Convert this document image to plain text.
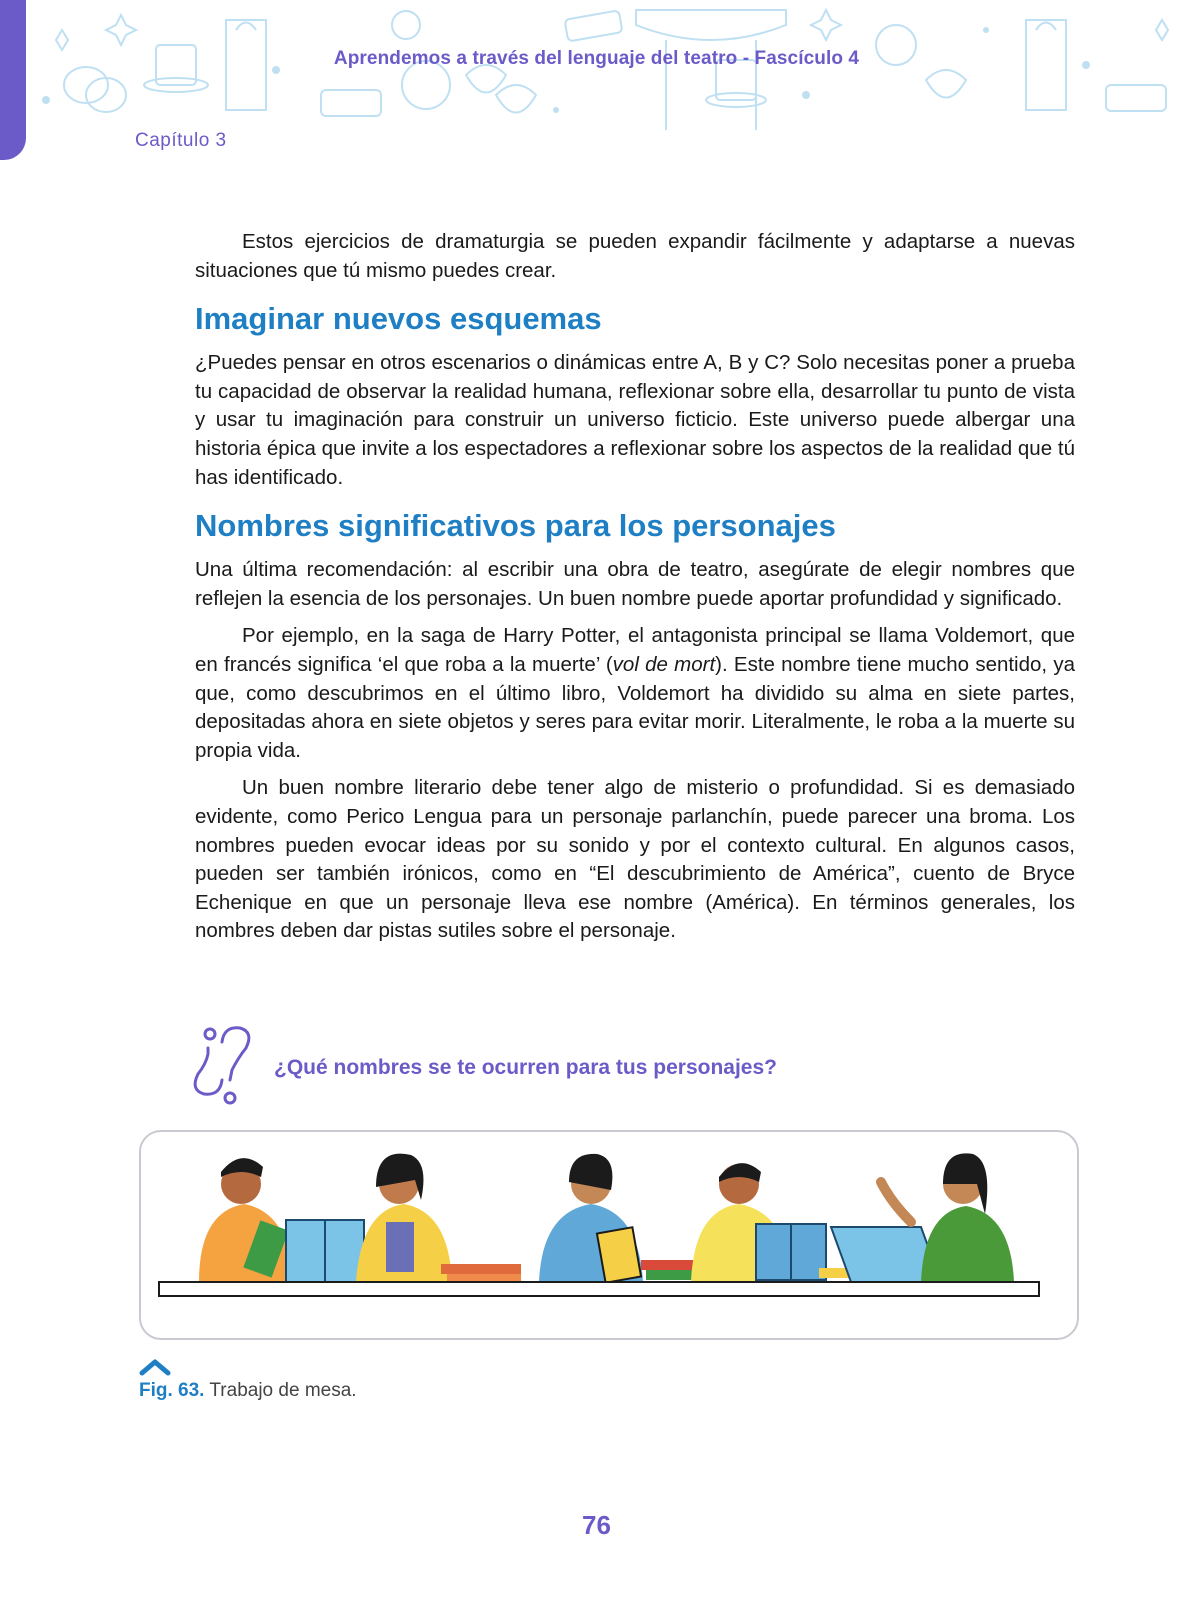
Aprendemos a través del lenguaje del teatro - Fascículo 4
Capítulo 3

Estos ejercicios de dramaturgia se pueden expandir fácilmente y adaptarse a nuevas situaciones que tú mismo puedes crear.

Imaginar nuevos esquemas

¿Puedes pensar en otros escenarios o dinámicas entre A, B y C? Solo necesitas poner a prueba tu capacidad de observar la realidad humana, reflexionar sobre ella, desarrollar tu punto de vista y usar tu imaginación para construir un universo ficticio. Este universo puede albergar una historia épica que invite a los espectadores a reflexionar sobre los aspectos de la realidad que tú has identificado.

Nombres significativos para los personajes

Una última recomendación: al escribir una obra de teatro, asegúrate de elegir nombres que reflejen la esencia de los personajes. Un buen nombre puede aportar profundidad y significado.

Por ejemplo, en la saga de Harry Potter, el antagonista principal se llama Voldemort, que en francés significa ‘el que roba a la muerte’ (vol de mort). Este nombre tiene mucho sentido, ya que, como descubrimos en el último libro, Voldemort ha dividido su alma en siete partes, depositadas ahora en siete objetos y seres para evitar morir. Literalmente, le roba a la muerte su propia vida.

Un buen nombre literario debe tener algo de misterio o profundidad. Si es demasiado evidente, como Perico Lengua para un personaje parlanchín, puede parecer una broma. Los nombres pueden evocar ideas por su sonido y por el contexto cultural. En algunos casos, pueden ser también irónicos, como en “El descubrimiento de América”, cuento de Bryce Echenique en que un personaje lleva ese nombre (América). En términos generales, los nombres deben dar pistas sutiles sobre el personaje.

¿Qué nombres se te ocurren para tus personajes?
Fig. 63. Trabajo de mesa.
76
